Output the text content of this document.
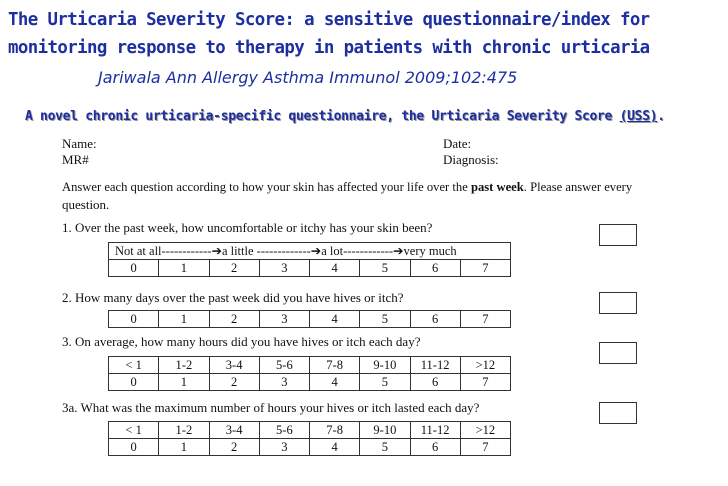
The Urticaria Severity Score: a sensitive questionnaire/index for
monitoring response to therapy in patients with chronic urticaria
Jariwala Ann Allergy Asthma Immunol 2009;102:475
Name:
MR#
Date:
Diagnosis:
Answer each question according to how your skin has affected your life over the past week. Please answer every
question.
1. Over the past week, how uncomfortable or itchy has your skin been?
Not at all------------➔a little -------------➔a lot------------➔very much
0	1	2	3	4	5	6	7
2. How many days over the past week did you have hives or itch?
0	1	2	3	4	5	6	7
3. On average, how many hours did you have hives or itch each day?
< 1	1-2	3-4	5-6	7-8	9-10	11-12	>12
0	1	2	3	4	5	6	7
3a. What was the maximum number of hours your hives or itch lasted each day?
< 1	1-2	3-4	5-6	7-8	9-10	11-12	>12
0	1	2	3	4	5	6	7
A novel chronic urticaria-specific questionnaire, the Urticaria Severity Score (USS).
